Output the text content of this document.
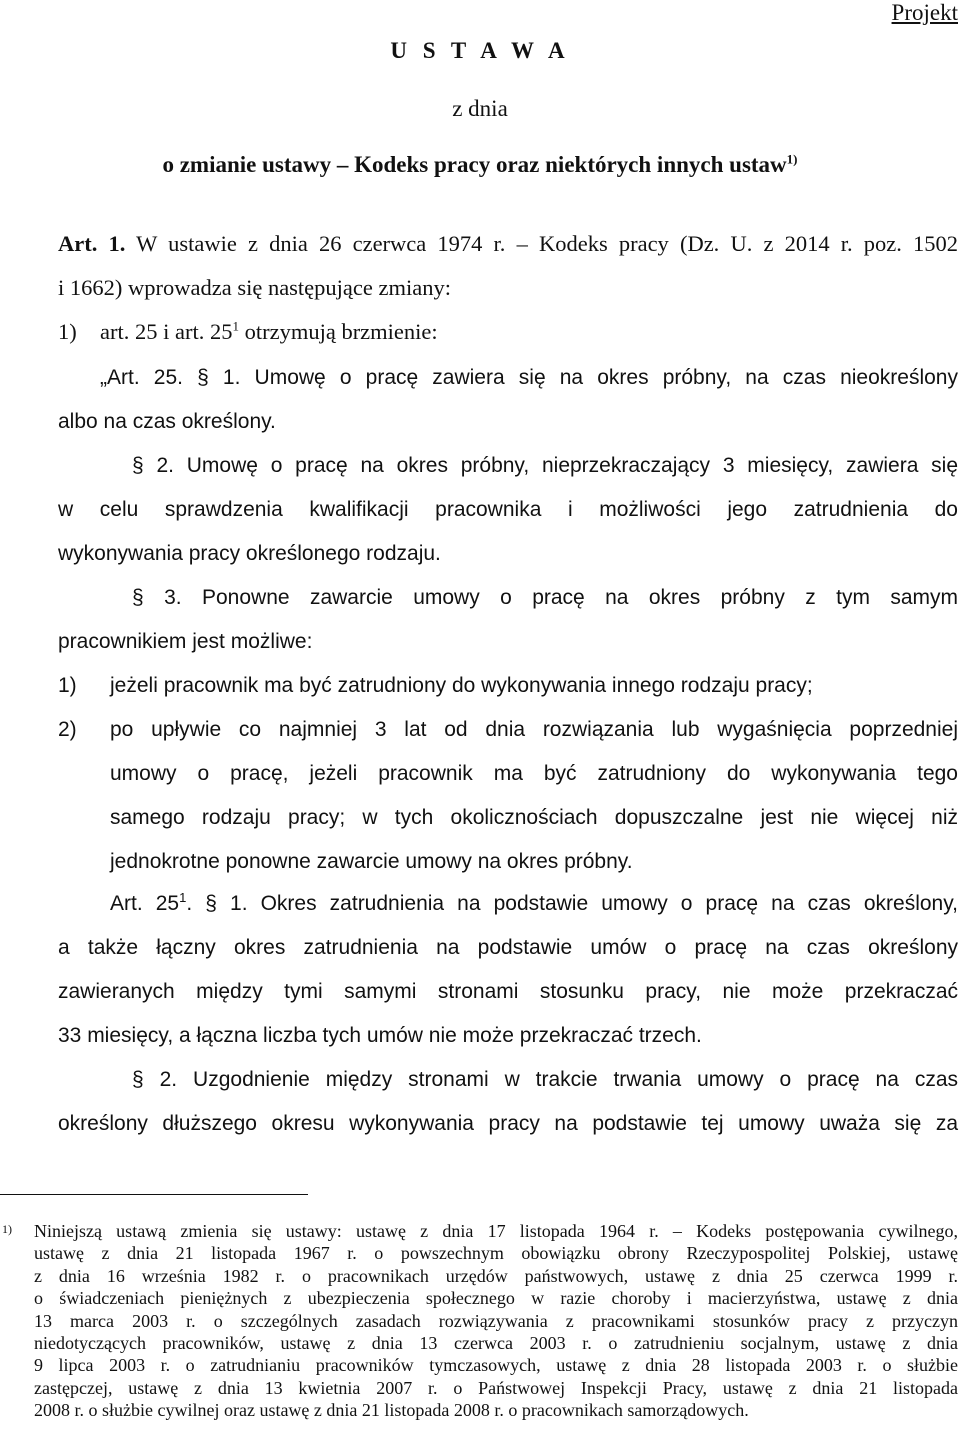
Projekt
U S T A W A
z dnia
o zmianie ustawy – Kodeks pracy oraz niektórych innych ustaw$^{1)}$
Art. 1. W ustawie z dnia 26 czerwca 1974 r. – Kodeks pracy (Dz. U. z 2014 r. poz. 1502
i 1662) wprowadza się następujące zmiany:
1) art. 25 i art. $25^1$ otrzymują brzmienie:
„Art. 25. § 1. Umowę o pracę zawiera się na okres próbny, na czas nieokreślony
albo na czas określony.
§ 2. Umowę o pracę na okres próbny, nieprzekraczający 3 miesięcy, zawiera się
w celu sprawdzenia kwalifikacji pracownika i możliwości jego zatrudnienia do
wykonywania pracy określonego rodzaju.
§ 3. Ponowne zawarcie umowy o pracę na okres próbny z tym samym
pracownikiem jest możliwe:
1) jeżeli pracownik ma być zatrudniony do wykonywania innego rodzaju pracy;
2) po upływie co najmniej 3 lat od dnia rozwiązania lub wygaśnięcia poprzedniej
umowy o pracę, jeżeli pracownik ma być zatrudniony do wykonywania tego
samego rodzaju pracy; w tych okolicznościach dopuszczalne jest nie więcej niż
jednokrotne ponowne zawarcie umowy na okres próbny.
Art. $25^1$. § 1. Okres zatrudnienia na podstawie umowy o pracę na czas określony,
a także łączny okres zatrudnienia na podstawie umów o pracę na czas określony
zawieranych między tymi samymi stronami stosunku pracy, nie może przekraczać
33 miesięcy, a łączna liczba tych umów nie może przekraczać trzech.
§ 2. Uzgodnienie między stronami w trakcie trwania umowy o pracę na czas
określony dłuższego okresu wykonywania pracy na podstawie tej umowy uważa się za
1) Niniejszą ustawą zmienia się ustawy: ustawę z dnia 17 listopada 1964 r. – Kodeks postępowania cywilnego,
ustawę z dnia 21 listopada 1967 r. o powszechnym obowiązku obrony Rzeczypospolitej Polskiej, ustawę
z dnia 16 września 1982 r. o pracownikach urzędów państwowych, ustawę z dnia 25 czerwca 1999 r.
o świadczeniach pieniężnych z ubezpieczenia społecznego w razie choroby i macierzyństwa, ustawę z dnia
13 marca 2003 r. o szczególnych zasadach rozwiązywania z pracownikami stosunków pracy z przyczyn
niedotyczących pracowników, ustawę z dnia 13 czerwca 2003 r. o zatrudnieniu socjalnym, ustawę z dnia
9 lipca 2003 r. o zatrudnianiu pracowników tymczasowych, ustawę z dnia 28 listopada 2003 r. o służbie
zastępczej, ustawę z dnia 13 kwietnia 2007 r. o Państwowej Inspekcji Pracy, ustawę z dnia 21 listopada
2008 r. o służbie cywilnej oraz ustawę z dnia 21 listopada 2008 r. o pracownikach samorządowych.
